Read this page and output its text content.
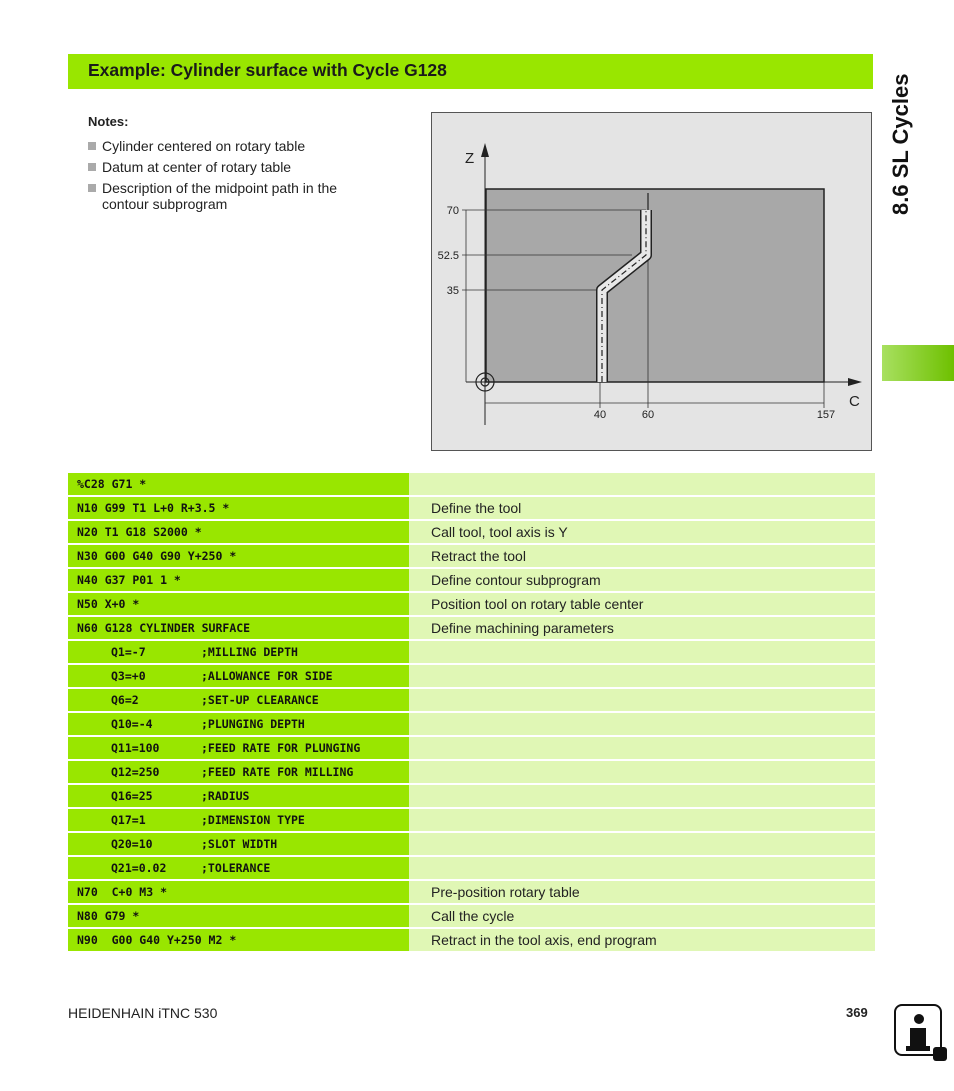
Example: Cylinder surface with Cycle G128
8.6 SL Cycles
Notes:
Cylinder centered on rotary table
Datum at center of rotary table
Description of the midpoint path in the contour subprogram
Z
C
70
52.5
35
40	60	157
%C28 G71 *
N10 G99 T1 L+0 R+3.5 *	Define the tool
N20 T1 G18 S2000 *	Call tool, tool axis is Y
N30 G00 G40 G90 Y+250 *	Retract the tool
N40 G37 P01 1 *	Define contour subprogram
N50 X+0 *	Position tool on rotary table center
N60 G128 CYLINDER SURFACE	Define machining parameters
Q1=-7        ;MILLING DEPTH
Q3=+0        ;ALLOWANCE FOR SIDE
Q6=2         ;SET-UP CLEARANCE
Q10=-4       ;PLUNGING DEPTH
Q11=100      ;FEED RATE FOR PLUNGING
Q12=250      ;FEED RATE FOR MILLING
Q16=25       ;RADIUS
Q17=1        ;DIMENSION TYPE
Q20=10       ;SLOT WIDTH
Q21=0.02     ;TOLERANCE
N70  C+0 M3 *	Pre-position rotary table
N80 G79 *	Call the cycle
N90  G00 G40 Y+250 M2 *	Retract in the tool axis, end program
HEIDENHAIN iTNC 530	369
